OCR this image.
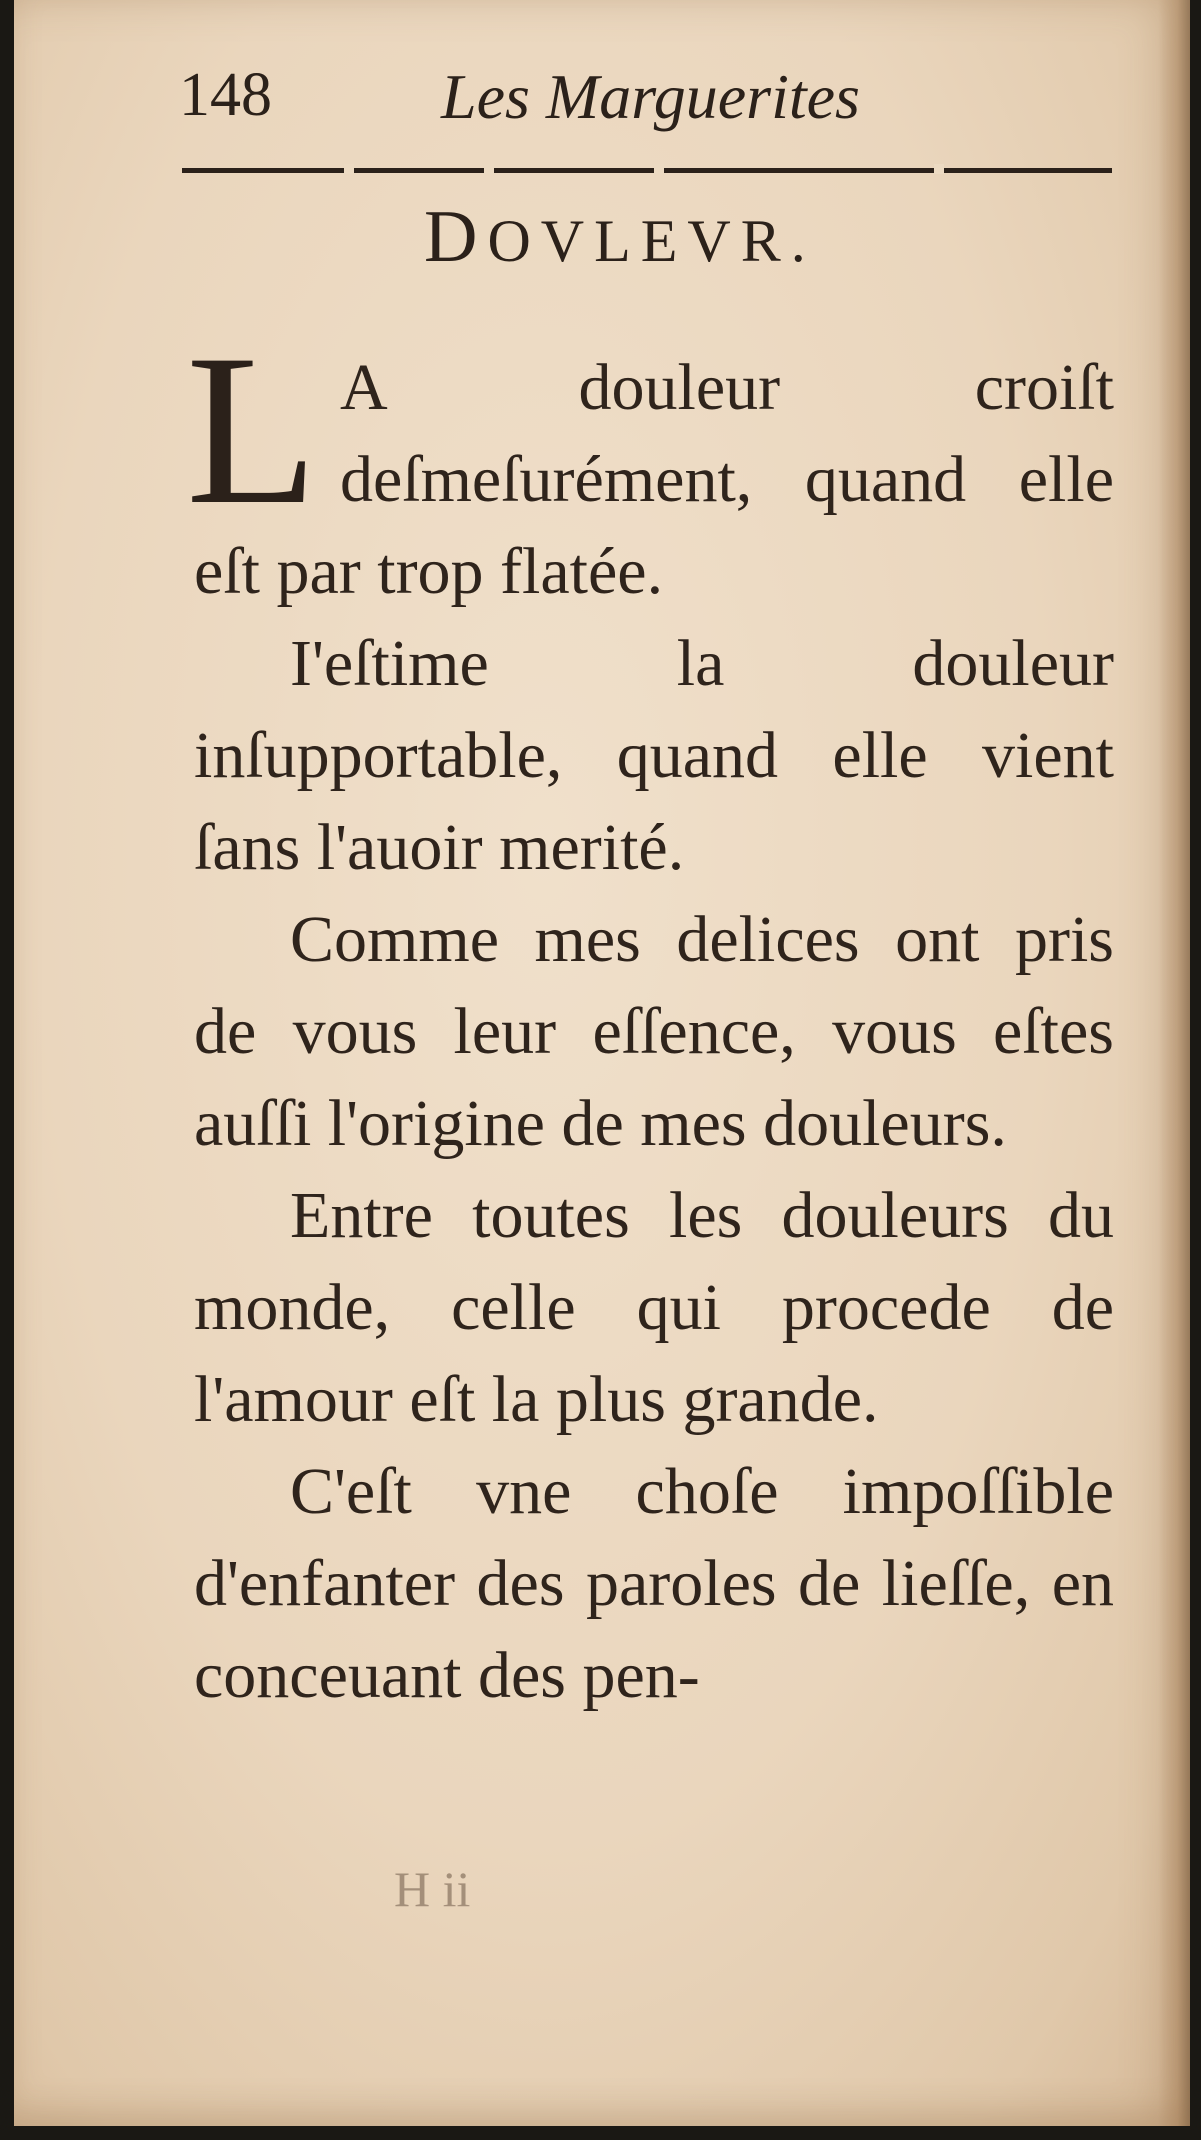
148	Les Marguerites
DOVLEVR.

L A douleur croiſt deſmeſurément, quand elle eſt par trop flatée.

I'eſtime la douleur inſupportable, quand elle vient ſans l'auoir merité.

Comme mes delices ont pris de vous leur eſſence, vous eſtes auſſi l'origine de mes douleurs.

Entre toutes les douleurs du monde, celle qui procede de l'amour eſt la plus grande.

C'eſt vne choſe impoſſible d'enfanter des paroles de lieſſe, en conceuant des pen-

H ii
